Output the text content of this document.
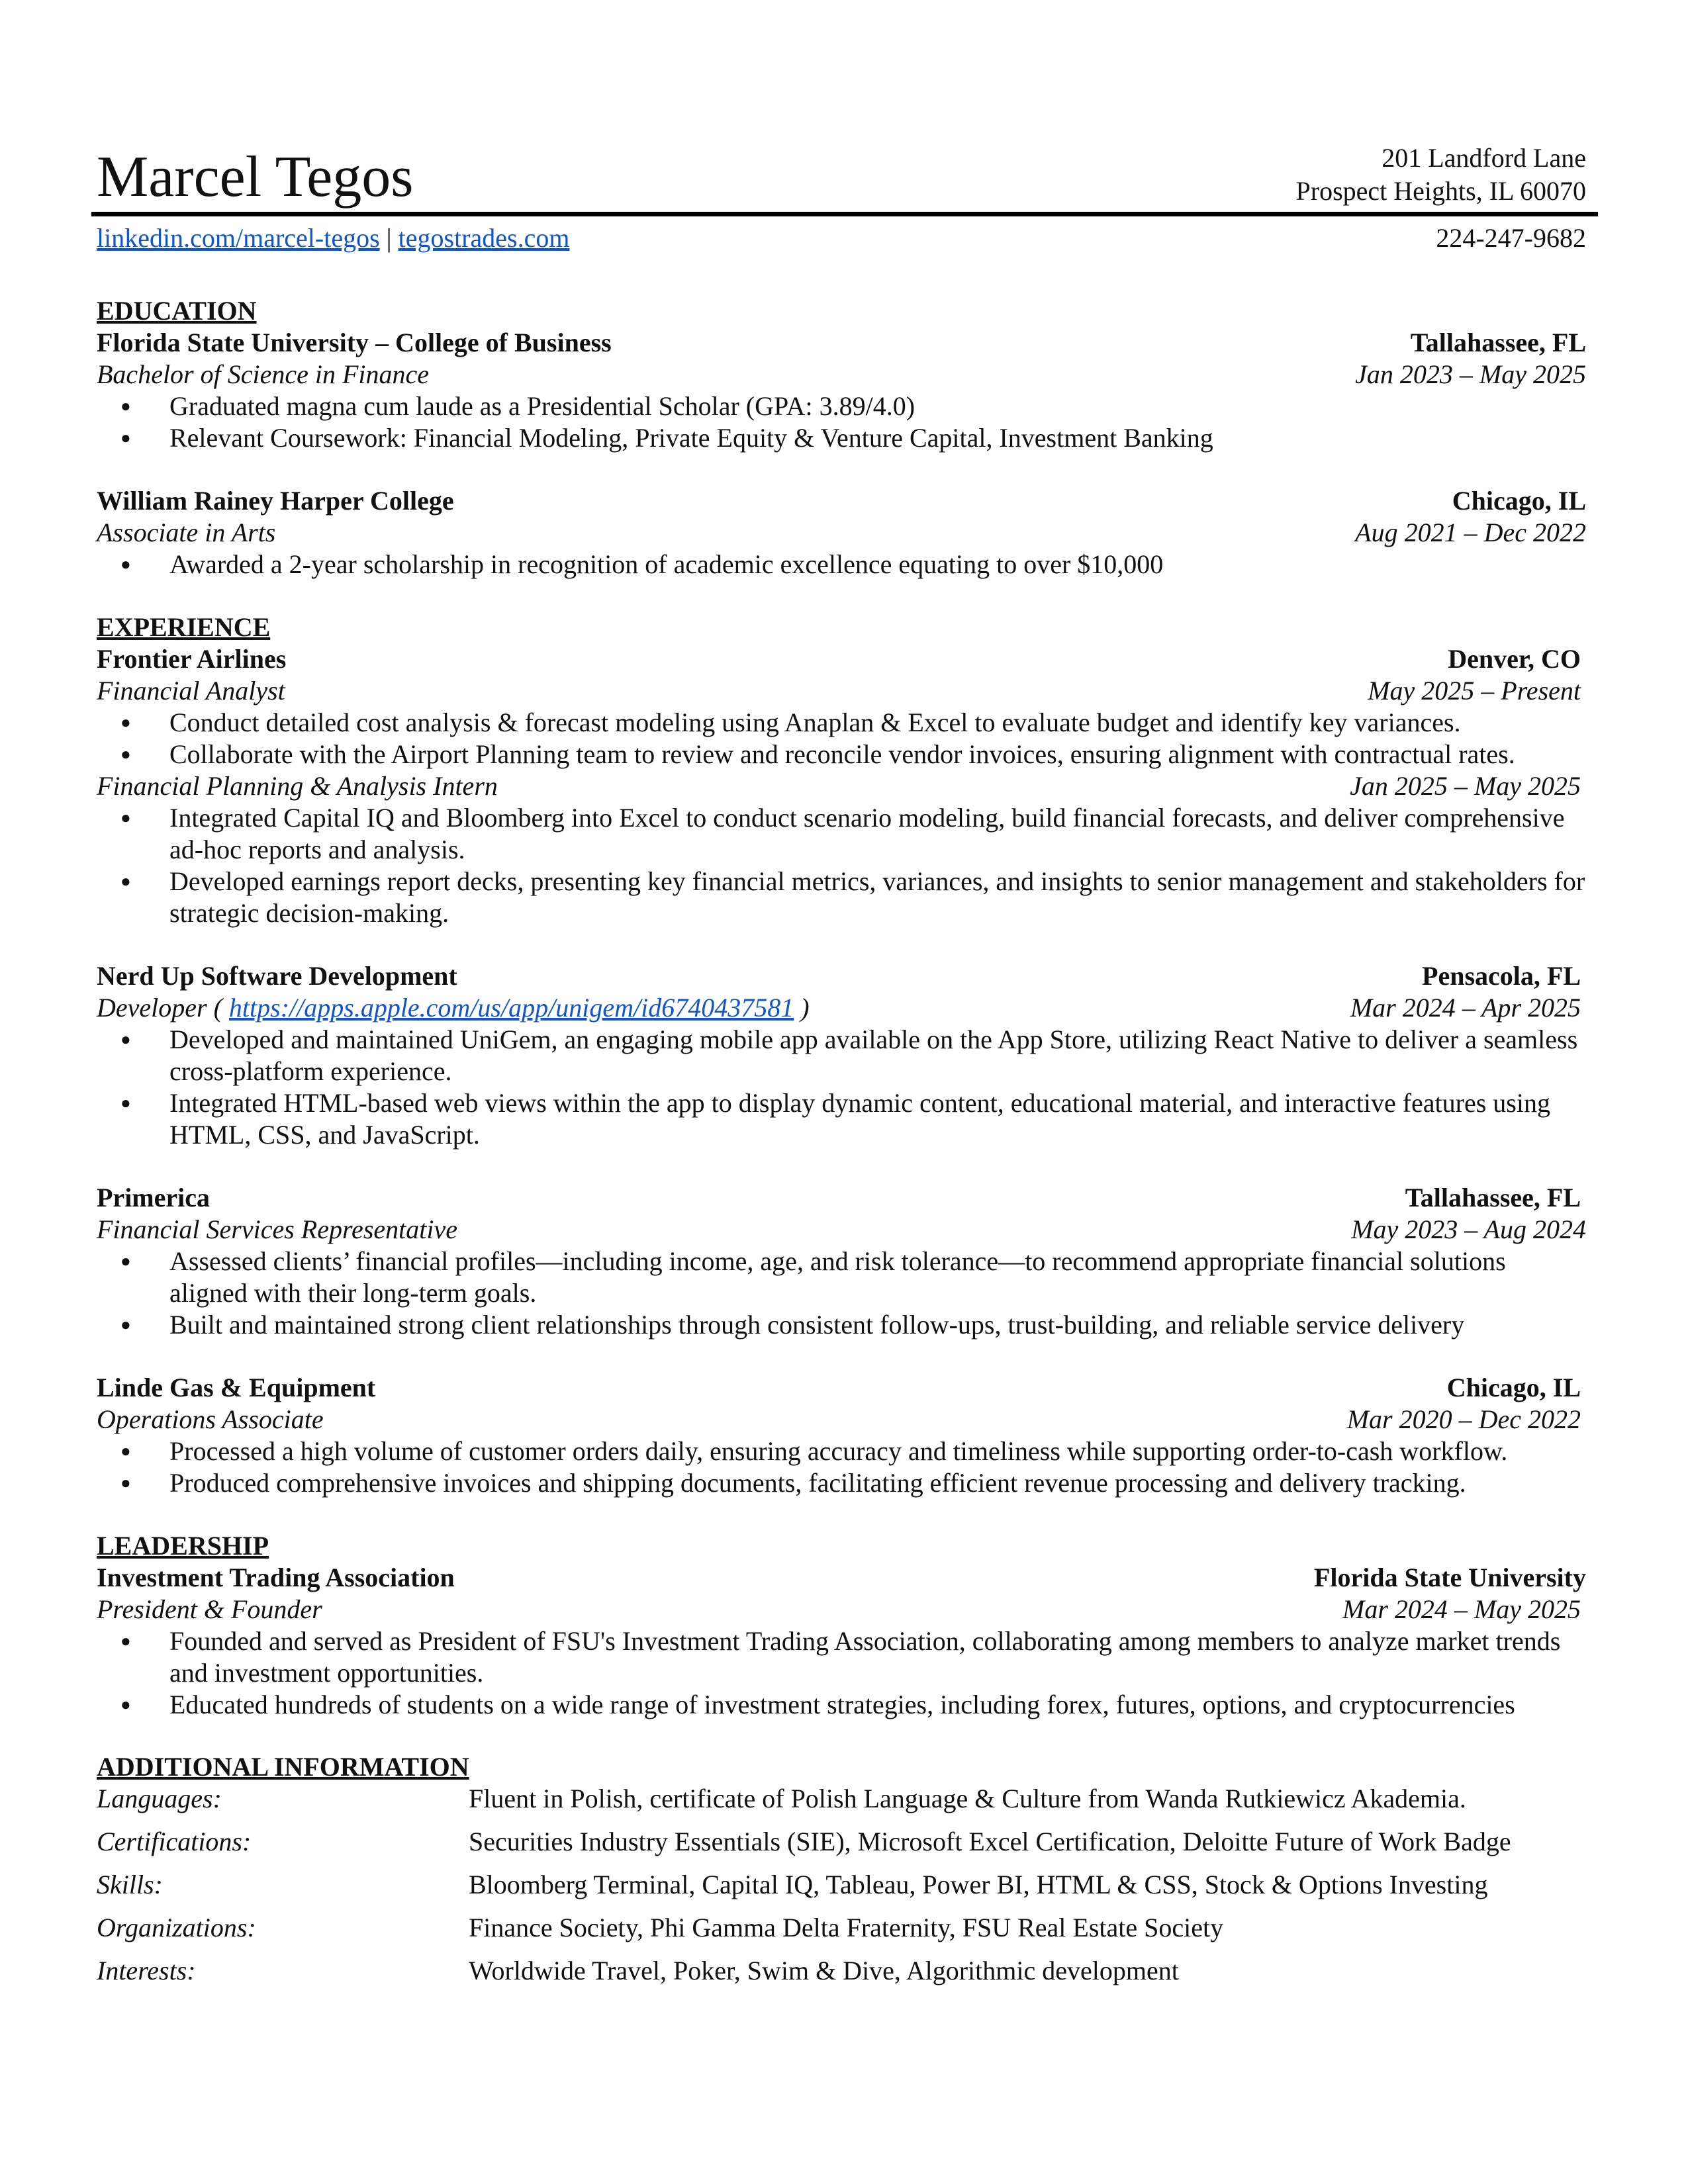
Marcel Tegos	201 Landford Lane
Prospect Heights, IL 60070
linkedin.com/marcel-tegos | tegostrades.com	224-247-9682
EDUCATION
Florida State University – College of Business	Tallahassee, FL
Bachelor of Science in Finance	Jan 2023 – May 2025
● Graduated magna cum laude as a Presidential Scholar (GPA: 3.89/4.0)
● Relevant Coursework: Financial Modeling, Private Equity & Venture Capital, Investment Banking
William Rainey Harper College	Chicago, IL
Associate in Arts	Aug 2021 – Dec 2022
● Awarded a 2-year scholarship in recognition of academic excellence equating to over $10,000
EXPERIENCE
Frontier Airlines	Denver, CO
Financial Analyst	May 2025 – Present
● Conduct detailed cost analysis & forecast modeling using Anaplan & Excel to evaluate budget and identify key variances.
● Collaborate with the Airport Planning team to review and reconcile vendor invoices, ensuring alignment with contractual rates.
Financial Planning & Analysis Intern	Jan 2025 – May 2025
● Integrated Capital IQ and Bloomberg into Excel to conduct scenario modeling, build financial forecasts, and deliver comprehensive ad-hoc reports and analysis.
● Developed earnings report decks, presenting key financial metrics, variances, and insights to senior management and stakeholders for strategic decision-making.
Nerd Up Software Development	Pensacola, FL
Developer ( https://apps.apple.com/us/app/unigem/id6740437581 )	Mar 2024 – Apr 2025
● Developed and maintained UniGem, an engaging mobile app available on the App Store, utilizing React Native to deliver a seamless cross-platform experience.
● Integrated HTML-based web views within the app to display dynamic content, educational material, and interactive features using HTML, CSS, and JavaScript.
Primerica	Tallahassee, FL
Financial Services Representative	May 2023 – Aug 2024
● Assessed clients’ financial profiles—including income, age, and risk tolerance—to recommend appropriate financial solutions aligned with their long-term goals.
● Built and maintained strong client relationships through consistent follow-ups, trust-building, and reliable service delivery
Linde Gas & Equipment	Chicago, IL
Operations Associate	Mar 2020 – Dec 2022
● Processed a high volume of customer orders daily, ensuring accuracy and timeliness while supporting order-to-cash workflow.
● Produced comprehensive invoices and shipping documents, facilitating efficient revenue processing and delivery tracking.
LEADERSHIP
Investment Trading Association	Florida State University
President & Founder	Mar 2024 – May 2025
● Founded and served as President of FSU's Investment Trading Association, collaborating among members to analyze market trends and investment opportunities.
● Educated hundreds of students on a wide range of investment strategies, including forex, futures, options, and cryptocurrencies
ADDITIONAL INFORMATION
Languages:	Fluent in Polish, certificate of Polish Language & Culture from Wanda Rutkiewicz Akademia.
Certifications:	Securities Industry Essentials (SIE), Microsoft Excel Certification, Deloitte Future of Work Badge
Skills:	Bloomberg Terminal, Capital IQ, Tableau, Power BI, HTML & CSS, Stock & Options Investing
Organizations:	Finance Society, Phi Gamma Delta Fraternity, FSU Real Estate Society
Interests:	Worldwide Travel, Poker, Swim & Dive, Algorithmic development
